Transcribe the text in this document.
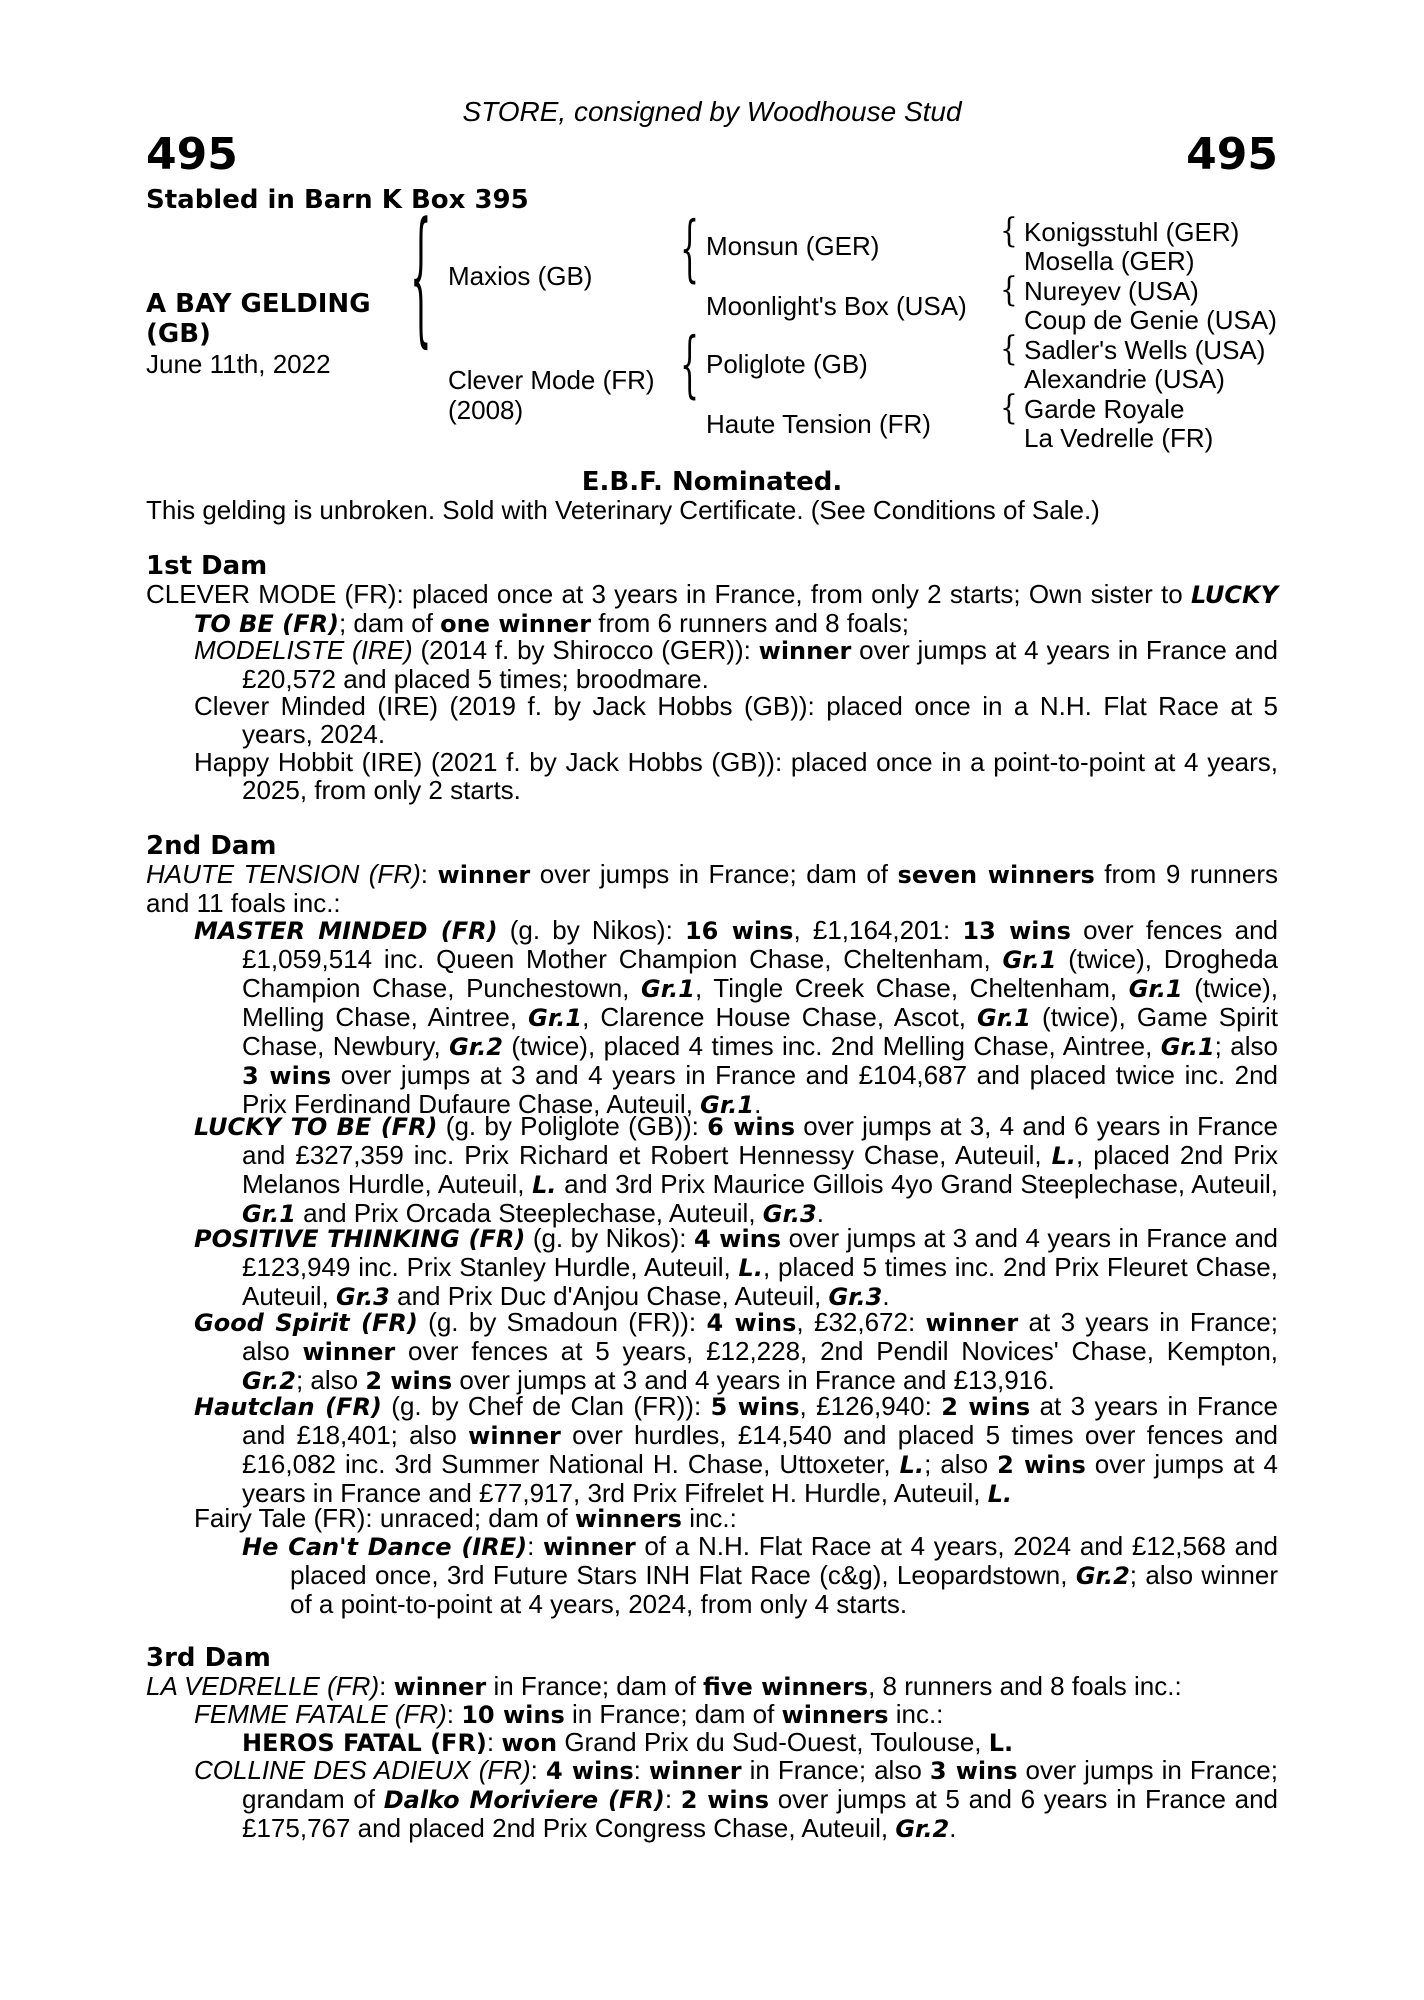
STORE, consigned by Woodhouse Stud
495	495
Stabled in Barn K Box 395
A BAY GELDING
(GB)
June 11th, 2022 {	{
{
{
{
{
{
Maxios (GB)
Clever Mode (FR)
(2008)
Monsun (GER)
Moonlight's Box (USA)
Poliglote (GB)
Haute Tension (FR)
Konigsstuhl (GER)
Mosella (GER)
Nureyev (USA)
Coup de Genie (USA)
Sadler's Wells (USA)
Alexandrie (USA)
Garde Royale
La Vedrelle (FR)
E.B.F. Nominated.
This gelding is unbroken. Sold with Veterinary Certificate. (See Conditions of Sale.)
1st Dam
CLEVER MODE (FR): placed once at 3 years in France, from only 2 starts; Own sister to LUCKY TO BE (FR); dam of one winner from 6 runners and 8 foals;
MODELISTE (IRE) (2014 f. by Shirocco (GER)): winner over jumps at 4 years in France and £20,572 and placed 5 times; broodmare.
Clever Minded (IRE) (2019 f. by Jack Hobbs (GB)): placed once in a N.H. Flat Race at 5 years, 2024.
Happy Hobbit (IRE) (2021 f. by Jack Hobbs (GB)): placed once in a point-to-point at 4 years, 2025, from only 2 starts.
2nd Dam
HAUTE TENSION (FR): winner over jumps in France; dam of seven winners from 9 runners and 11 foals inc.:
MASTER MINDED (FR) (g. by Nikos): 16 wins, £1,164,201: 13 wins over fences and £1,059,514 inc. Queen Mother Champion Chase, Cheltenham, Gr.1 (twice), Drogheda Champion Chase, Punchestown, Gr.1, Tingle Creek Chase, Cheltenham, Gr.1 (twice), Melling Chase, Aintree, Gr.1, Clarence House Chase, Ascot, Gr.1 (twice), Game Spirit Chase, Newbury, Gr.2 (twice), placed 4 times inc. 2nd Melling Chase, Aintree, Gr.1; also 3 wins over jumps at 3 and 4 years in France and £104,687 and placed twice inc. 2nd Prix Ferdinand Dufaure Chase, Auteuil, Gr.1.
LUCKY TO BE (FR) (g. by Poliglote (GB)): 6 wins over jumps at 3, 4 and 6 years in France and £327,359 inc. Prix Richard et Robert Hennessy Chase, Auteuil, L., placed 2nd Prix Melanos Hurdle, Auteuil, L. and 3rd Prix Maurice Gillois 4yo Grand Steeplechase, Auteuil, Gr.1 and Prix Orcada Steeplechase, Auteuil, Gr.3.
POSITIVE THINKING (FR) (g. by Nikos): 4 wins over jumps at 3 and 4 years in France and £123,949 inc. Prix Stanley Hurdle, Auteuil, L., placed 5 times inc. 2nd Prix Fleuret Chase, Auteuil, Gr.3 and Prix Duc d'Anjou Chase, Auteuil, Gr.3.
Good Spirit (FR) (g. by Smadoun (FR)): 4 wins, £32,672: winner at 3 years in France; also winner over fences at 5 years, £12,228, 2nd Pendil Novices' Chase, Kempton, Gr.2; also 2 wins over jumps at 3 and 4 years in France and £13,916.
Hautclan (FR) (g. by Chef de Clan (FR)): 5 wins, £126,940: 2 wins at 3 years in France and £18,401; also winner over hurdles, £14,540 and placed 5 times over fences and £16,082 inc. 3rd Summer National H. Chase, Uttoxeter, L.; also 2 wins over jumps at 4 years in France and £77,917, 3rd Prix Fifrelet H. Hurdle, Auteuil, L.
Fairy Tale (FR): unraced; dam of winners inc.:
He Can't Dance (IRE): winner of a N.H. Flat Race at 4 years, 2024 and £12,568 and placed once, 3rd Future Stars INH Flat Race (c&g), Leopardstown, Gr.2; also winner of a point-to-point at 4 years, 2024, from only 4 starts.
3rd Dam
LA VEDRELLE (FR): winner in France; dam of five winners, 8 runners and 8 foals inc.:
FEMME FATALE (FR): 10 wins in France; dam of winners inc.:
HEROS FATAL (FR): won Grand Prix du Sud-Ouest, Toulouse, L.
COLLINE DES ADIEUX (FR): 4 wins: winner in France; also 3 wins over jumps in France; grandam of Dalko Moriviere (FR): 2 wins over jumps at 5 and 6 years in France and £175,767 and placed 2nd Prix Congress Chase, Auteuil, Gr.2.
